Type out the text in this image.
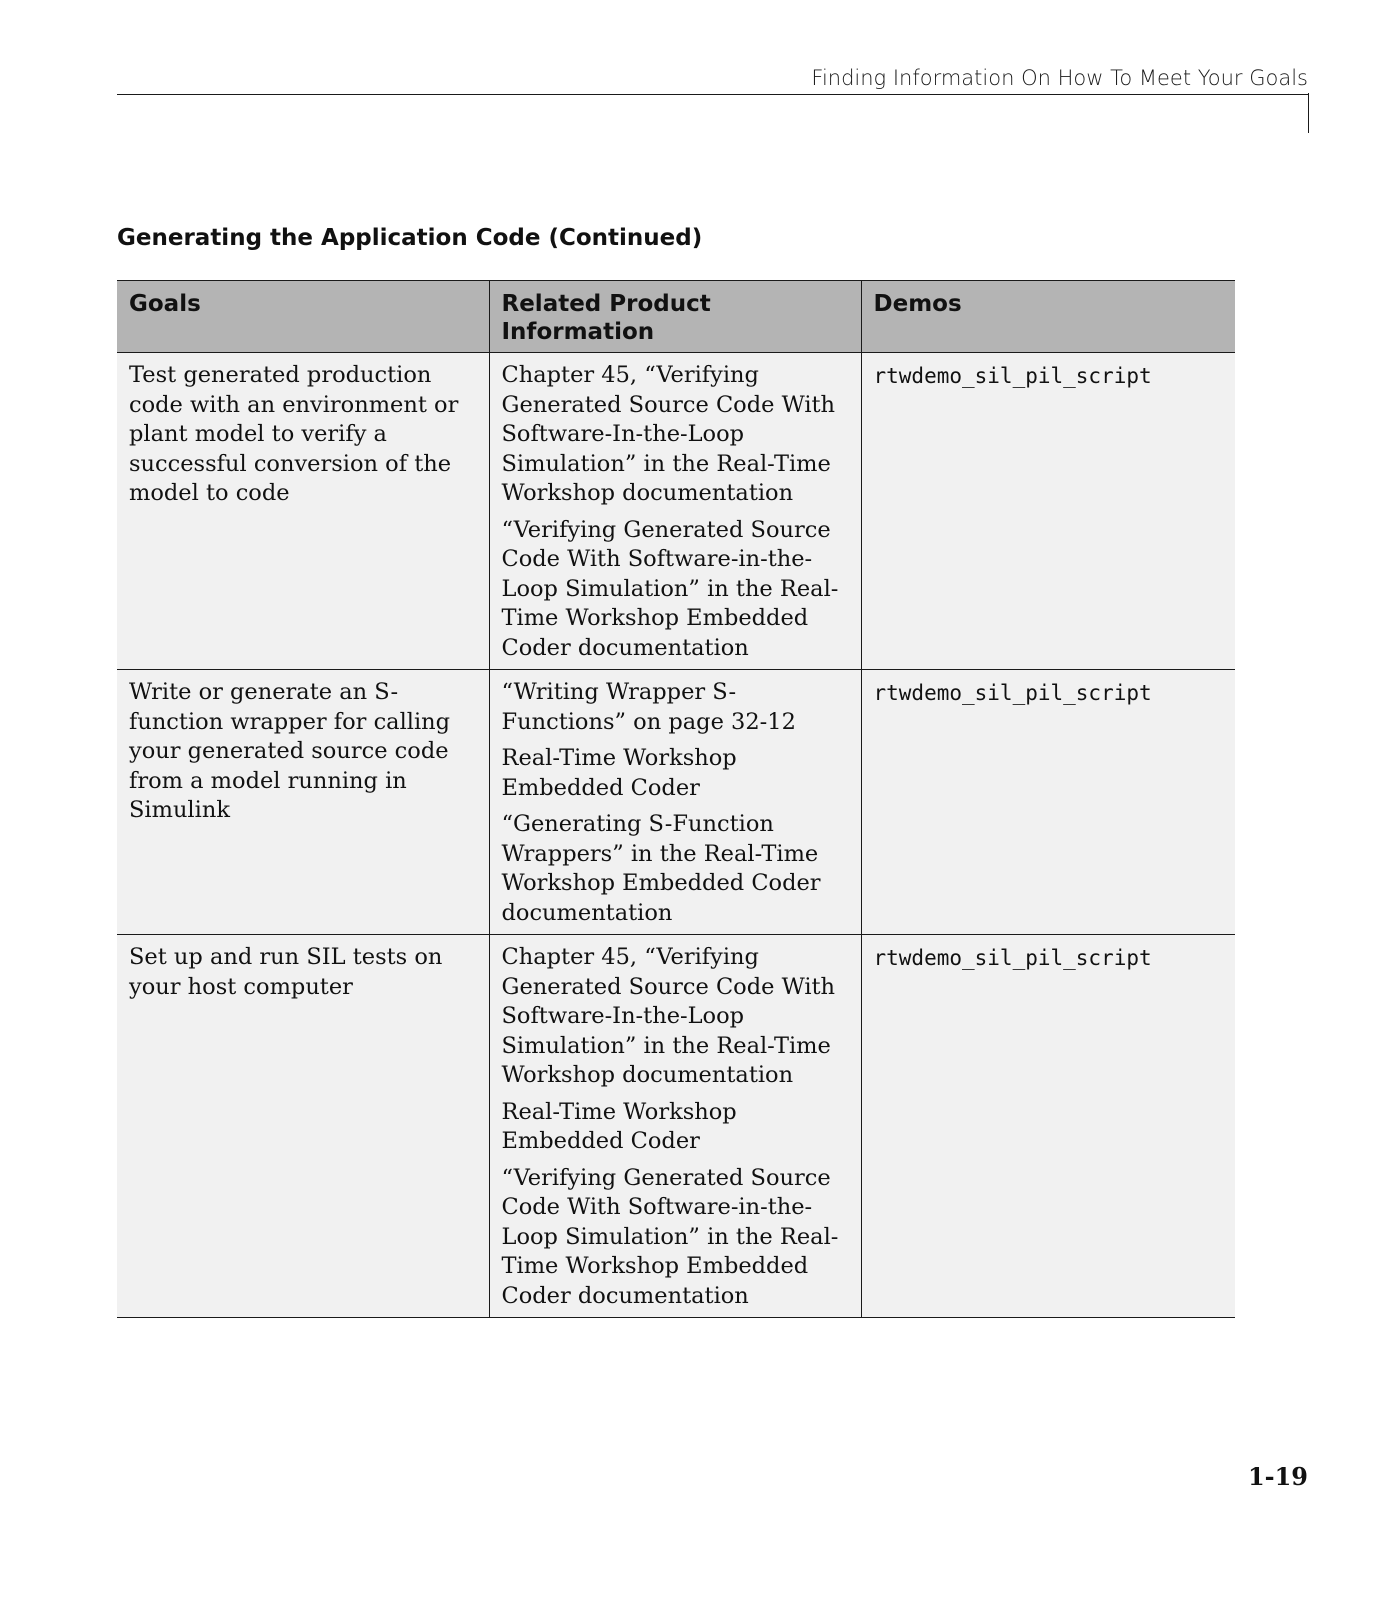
Finding Information On How To Meet Your Goals
Generating the Application Code (Continued)
Goals	Related Product Information	Demos
Test generated production code with an environment or plant model to verify a successful conversion of the model to code	Chapter 45, “Verifying Generated Source Code With Software-In-the-Loop Simulation” in the Real-Time Workshop documentation

“Verifying Generated Source Code With Software-in-the-Loop Simulation” in the Real-Time Workshop Embedded Coder documentation	rtwdemo_sil_pil_script
Write or generate an S-function wrapper for calling your generated source code from a model running in Simulink	“Writing Wrapper S-Functions” on page 32-12

Real-Time Workshop Embedded Coder

“Generating S-Function Wrappers” in the Real-Time Workshop Embedded Coder documentation	rtwdemo_sil_pil_script
Set up and run SIL tests on your host computer	Chapter 45, “Verifying Generated Source Code With Software-In-the-Loop Simulation” in the Real-Time Workshop documentation

Real-Time Workshop Embedded Coder

“Verifying Generated Source Code With Software-in-the-Loop Simulation” in the Real-Time Workshop Embedded Coder documentation	rtwdemo_sil_pil_script
1-19
